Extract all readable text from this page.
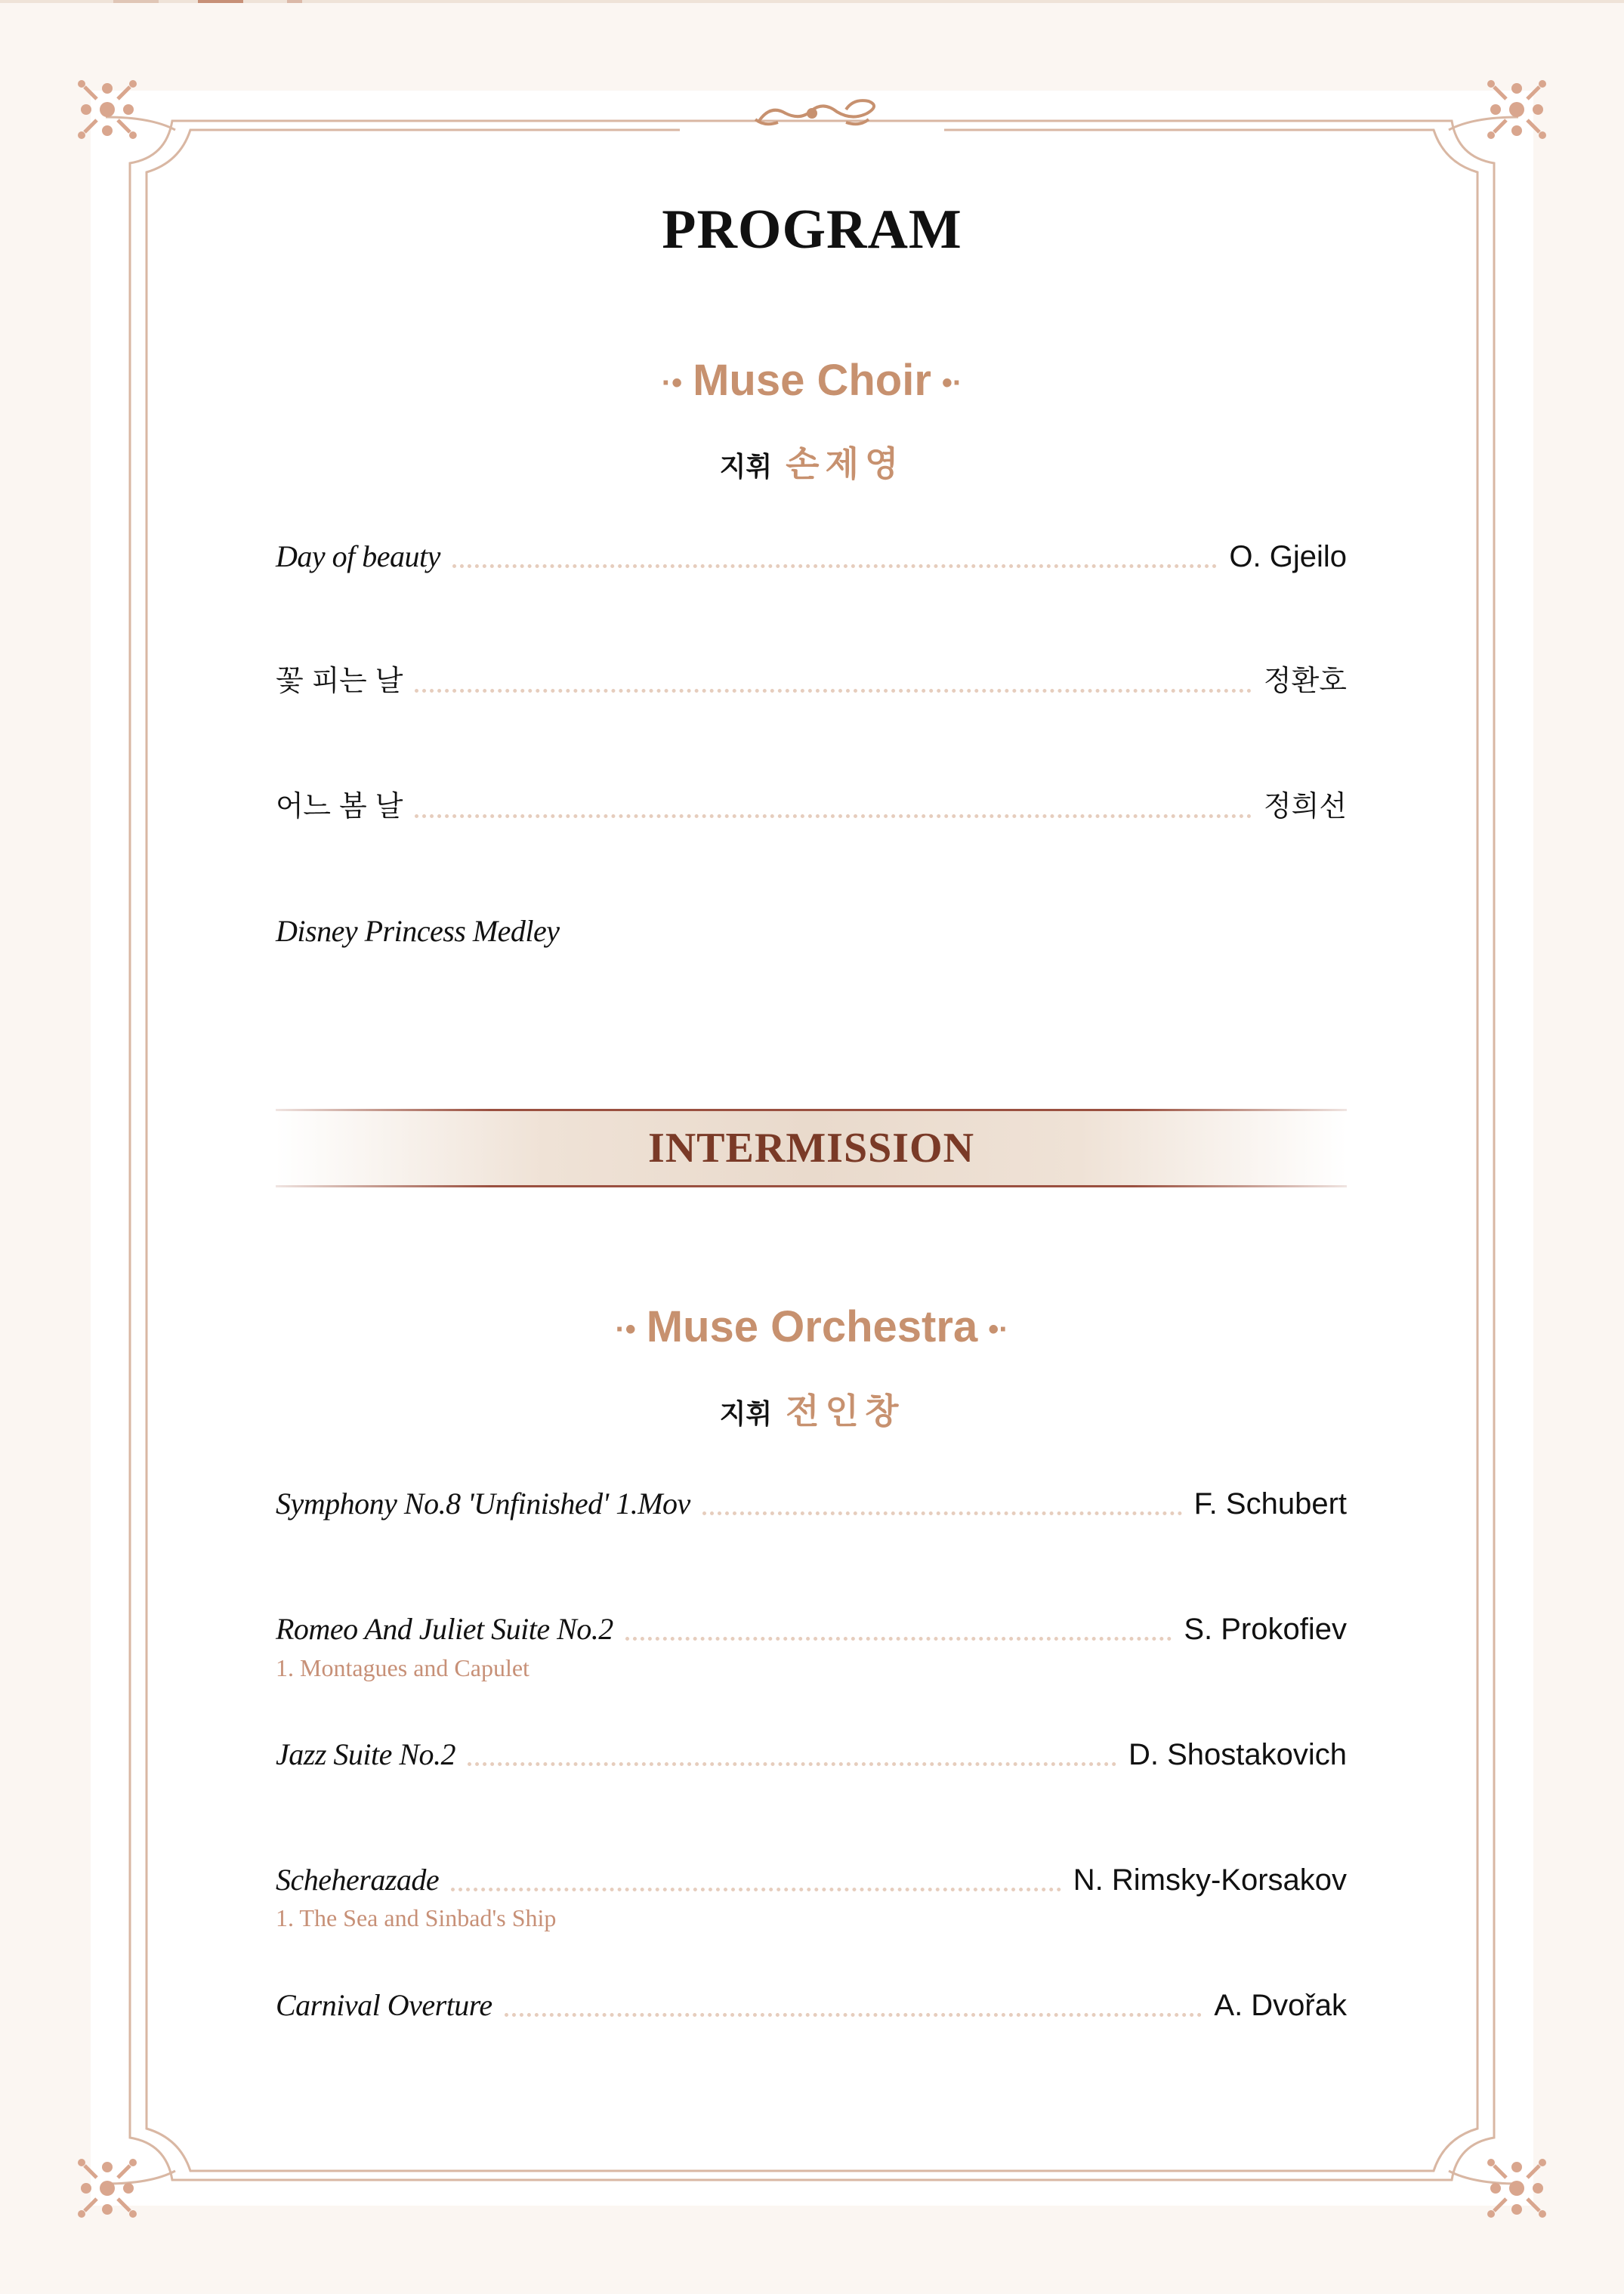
PROGRAM
·• Muse Choir •·
지휘 손제영
Day of beauty	O. Gjeilo
꽃 피는 날	정환호
어느 봄 날	정희선
Disney Princess Medley
INTERMISSION
·• Muse Orchestra •·
지휘 전인창
Symphony No.8 'Unfinished' 1.Mov	F. Schubert
Romeo And Juliet Suite No.2	S. Prokofiev
1. Montagues and Capulet
Jazz Suite No.2	D. Shostakovich
Scheherazade	N. Rimsky-Korsakov
1. The Sea and Sinbad's Ship
Carnival Overture	A. Dvořak
